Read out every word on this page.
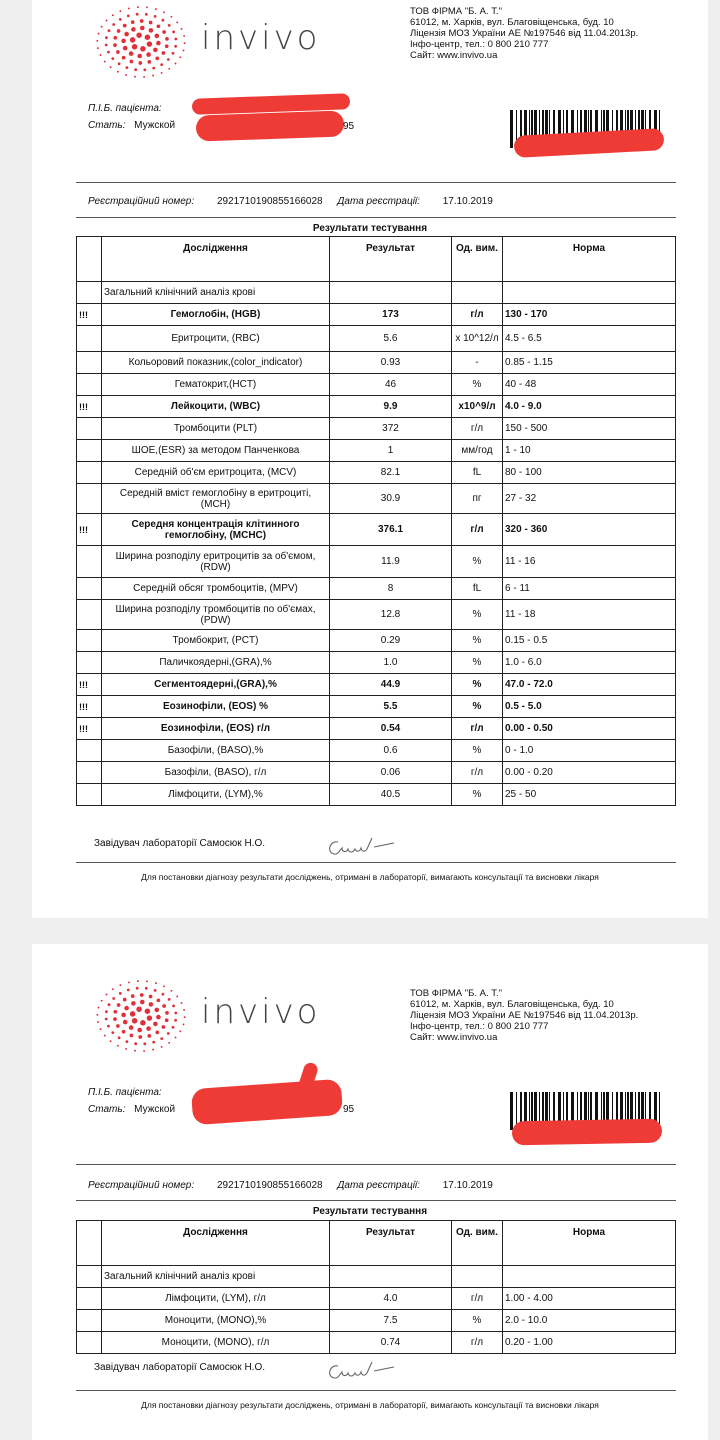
invivo
ТОВ ФІРМА "Б. А. Т."
61012, м. Харків, вул. Благовіщенська, буд. 10
Ліцензія МОЗ України АЕ №197546 від 11.04.2013р.
Інфо-центр, тел.: 0 800 210 777
Сайт: www.invivo.ua
П.І.Б. пацієнта:
Стать: Мужской	95
Реєстраційний номер: 2921710190855166028 Дата реєстрації: 17.10.2019
Результати тестування
	Дослідження	Результат	Од. вим.	Норма
	Загальний клінічний аналіз крові			
!!!	Гемоглобін, (HGB)	173	г/л	130 - 170
	Еритроцити, (RBC)	5.6	х 10^12/л	4.5 - 6.5
	Кольоровий показник,(color_indicator)	0.93	-	0.85 - 1.15
	Гематокрит,(HCT)	46	%	40 - 48
!!!	Лейкоцити, (WBC)	9.9	х10^9/л	4.0 - 9.0
	Тромбоцити (PLT)	372	г/л	150 - 500
	ШОЕ,(ESR) за методом Панченкова	1	мм/год	1 - 10
	Середній об'єм еритроцита, (MCV)	82.1	fL	80 - 100
	Середній вміст гемоглобіну в еритроциті, (MCH)	30.9	пг	27 - 32
!!!	Середня концентрація клітинного гемоглобіну, (MCHC)	376.1	г/л	320 - 360
	Ширина розподілу еритроцитів за об'ємом, (RDW)	11.9	%	11 - 16
	Середній обсяг тромбоцитів, (MPV)	8	fL	6 - 11
	Ширина розподілу тромбоцитів по об'ємах, (PDW)	12.8	%	11 - 18
	Тромбокрит, (PCT)	0.29	%	0.15 - 0.5
	Паличкоядерні,(GRA),%	1.0	%	1.0 - 6.0
!!!	Сегментоядерні,(GRA),%	44.9	%	47.0 - 72.0
!!!	Еозинофіли, (EOS) %	5.5	%	0.5 - 5.0
!!!	Еозинофіли, (EOS) г/л	0.54	г/л	0.00 - 0.50
	Базофіли, (BASO),%	0.6	%	0 - 1.0
	Базофіли, (BASO), г/л	0.06	г/л	0.00 - 0.20
	Лімфоцити, (LYM),%	40.5	%	25 - 50
Завідувач лабораторії Самосюк Н.О.
Для постановки діагнозу результати досліджень, отримані в лабораторії, вимагають консультації та висновки лікаря
invivo	ТОВ ФІРМА "Б. А. Т."
61012, м. Харків, вул. Благовіщенська, буд. 10
Ліцензія МОЗ України АЕ №197546 від 11.04.2013р.
Інфо-центр, тел.: 0 800 210 777
Сайт: www.invivo.ua
П.І.Б. пацієнта:
Стать: Мужской	95
Реєстраційний номер: 2921710190855166028 Дата реєстрації: 17.10.2019
Результати тестування
	Дослідження	Результат	Од. вим.	Норма
	Загальний клінічний аналіз крові			
	Лімфоцити, (LYM), г/л	4.0	г/л	1.00 - 4.00
	Моноцити, (MONO),%	7.5	%	2.0 - 10.0
	Моноцити, (MONO), г/л	0.74	г/л	0.20 - 1.00
Завідувач лабораторії Самосюк Н.О.
Для постановки діагнозу результати досліджень, отримані в лабораторії, вимагають консультації та висновки лікаря
